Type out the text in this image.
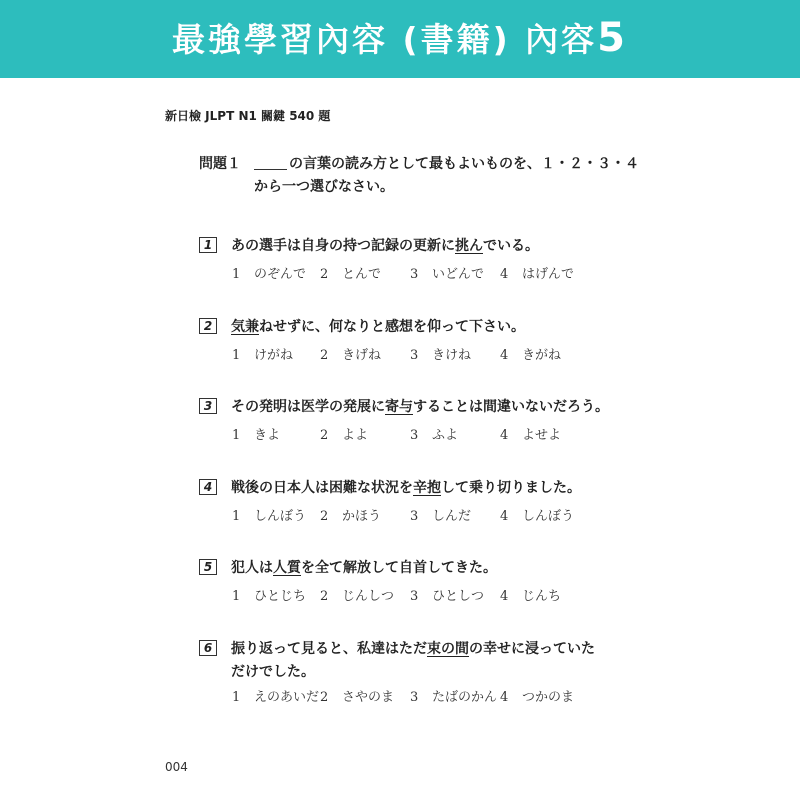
最強學習內容 (書籍) 內容5
新日檢 JLPT N1 關鍵 540 題
問題１	の言葉の読み方として最もよいものを、１・２・３・４
から一つ選びなさい。
1	あの選手は自身の持つ記録の更新に挑んでいる。
1 のぞんで 2 とんで 3 いどんで 4 はげんで
2	気兼ねせずに、何なりと感想を仰って下さい。
1 けがね 2 きげね 3 きけね 4 きがね
3	その発明は医学の発展に寄与することは間違いないだろう。
1 きよ	2 よよ	3 ふよ	4 よせよ
4	戦後の日本人は困難な状況を辛抱して乗り切りました。
1 しんぼう 2 かほう 3 しんだ 4 しんぼう
5	犯人は人質を全て解放して自首してきた。
1 ひとじち 2 じんしつ 3 ひとしつ 4 じんち
6	振り返って見ると、私達はただ束の間の幸せに浸っていただけでした。
1 えのあいだ 2 さやのま 3 たばのかん 4 つかのま
004
